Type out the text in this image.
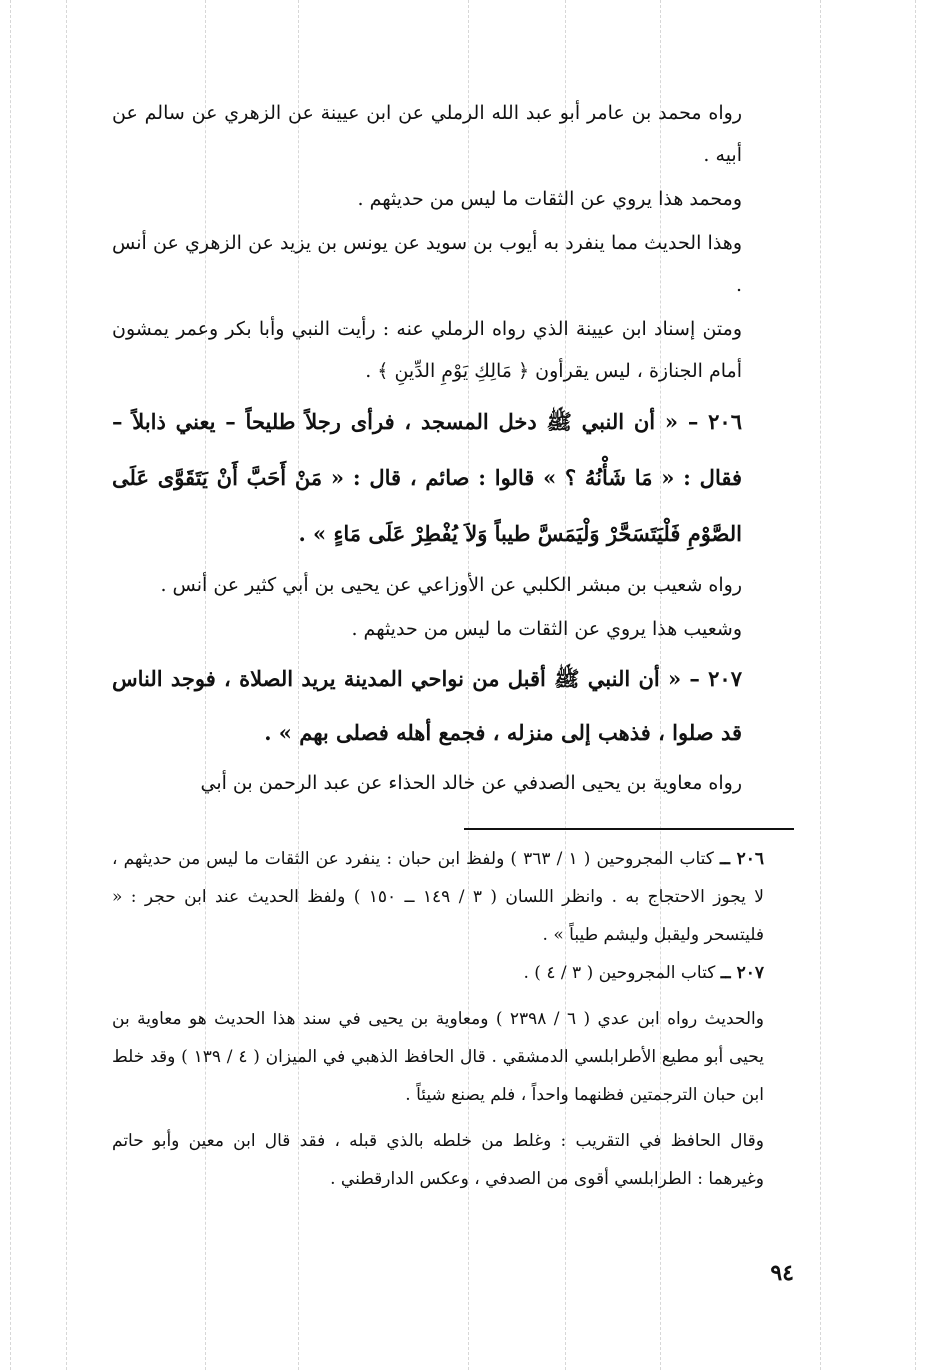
رواه محمد بن عامر أبو عبد الله الرملي عن ابن عيينة عن الزهري عن سالم عن أبيه .

ومحمد هذا يروي عن الثقات ما ليس من حديثهم .

وهذا الحديث مما ينفرد به أيوب بن سويد عن يونس بن يزيد عن الزهري عن أنس .

ومتن إسناد ابن عيينة الذي رواه الرملي عنه : رأيت النبي وأبا بكر وعمر يمشون أمام الجنازة ، ليس يقرأون ﴿ مَالِكِ يَوْمِ الدِّينِ ﴾ .

٢٠٦ – « أن النبي ﷺ دخل المسجد ، فرأى رجلاً طليحاً – يعني ذابلاً – فقال : « مَا شَأْنُهُ ؟ » قالوا : صائم ، قال : « مَنْ أَحَبَّ أَنْ يَتَقَوَّى عَلَى الصَّوْمِ فَلْيَتَسَحَّرْ وَلْيَمَسَّ طيباً وَلاَ يُفْطِرْ عَلَى مَاءٍ » .

رواه شعيب بن مبشر الكلبي عن الأوزاعي عن يحيى بن أبي كثير عن أنس .

وشعيب هذا يروي عن الثقات ما ليس من حديثهم .

٢٠٧ – « أن النبي ﷺ أقبل من نواحي المدينة يريد الصلاة ، فوجد الناس قد صلوا ، فذهب إلى منزله ، فجمع أهله فصلى بهم » .

رواه معاوية بن يحيى الصدفي عن خالد الحذاء عن عبد الرحمن بن أبي

٢٠٦ ــ كتاب المجروحين ( ١ / ٣٦٣ ) ولفظ ابن حبان : ينفرد عن الثقات ما ليس من حديثهم ، لا يجوز الاحتجاج به . وانظر اللسان ( ٣ / ١٤٩ ــ ١٥٠ ) ولفظ الحديث عند ابن حجر : « فليتسحر وليقبل وليشم طيباً » .

٢٠٧ ــ كتاب المجروحين ( ٣ / ٤ ) .

والحديث رواه ابن عدي ( ٦ / ٢٣٩٨ ) ومعاوية بن يحيى في سند هذا الحديث هو معاوية بن يحيى أبو مطيع الأطرابلسي الدمشقي . قال الحافظ الذهبي في الميزان ( ٤ / ١٣٩ ) وقد خلط ابن حبان الترجمتين فظنهما واحداً ، فلم يصنع شيئاً .

وقال الحافظ في التقريب : وغلط من خلطه بالذي قبله ، فقد قال ابن معين وأبو حاتم وغيرهما : الطرابلسي أقوى من الصدفي ، وعكس الدارقطني .

٩٤
